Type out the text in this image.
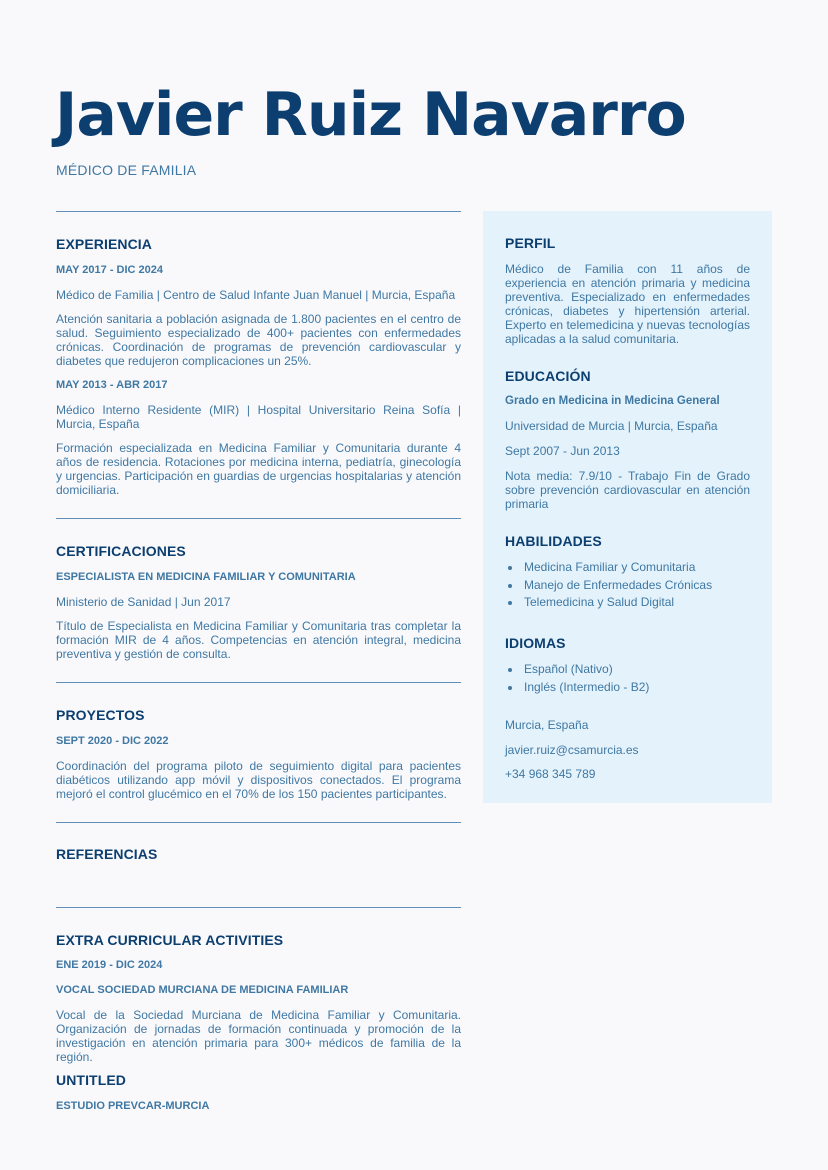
Javier Ruiz Navarro
MÉDICO DE FAMILIA
EXPERIENCIA
MAY 2017 - DIC 2024
Médico de Familia | Centro de Salud Infante Juan Manuel | Murcia, España
Atención sanitaria a población asignada de 1.800 pacientes en el centro de salud. Seguimiento especializado de 400+ pacientes con enfermedades crónicas. Coordinación de programas de prevención cardiovascular y diabetes que redujeron complicaciones un 25%.
MAY 2013 - ABR 2017
Médico Interno Residente (MIR) | Hospital Universitario Reina Sofía | Murcia, España
Formación especializada en Medicina Familiar y Comunitaria durante 4 años de residencia. Rotaciones por medicina interna, pediatría, ginecología y urgencias. Participación en guardias de urgencias hospitalarias y atención domiciliaria.
CERTIFICACIONES
ESPECIALISTA EN MEDICINA FAMILIAR Y COMUNITARIA
Ministerio de Sanidad | Jun 2017
Título de Especialista en Medicina Familiar y Comunitaria tras completar la formación MIR de 4 años. Competencias en atención integral, medicina preventiva y gestión de consulta.
PROYECTOS
SEPT 2020 - DIC 2022
Coordinación del programa piloto de seguimiento digital para pacientes diabéticos utilizando app móvil y dispositivos conectados. El programa mejoró el control glucémico en el 70% de los 150 pacientes participantes.
REFERENCIAS
EXTRA CURRICULAR ACTIVITIES
ENE 2019 - DIC 2024
VOCAL SOCIEDAD MURCIANA DE MEDICINA FAMILIAR
Vocal de la Sociedad Murciana de Medicina Familiar y Comunitaria. Organización de jornadas de formación continuada y promoción de la investigación en atención primaria para 300+ médicos de familia de la región.
UNTITLED
ESTUDIO PREVCAR-MURCIA
PERFIL
Médico de Familia con 11 años de experiencia en atención primaria y medicina preventiva. Especializado en enfermedades crónicas, diabetes y hipertensión arterial. Experto en telemedicina y nuevas tecnologías aplicadas a la salud comunitaria.
EDUCACIÓN
Grado en Medicina in Medicina General
Universidad de Murcia | Murcia, España
Sept 2007 - Jun 2013
Nota media: 7.9/10 - Trabajo Fin de Grado sobre prevención cardiovascular en atención primaria
HABILIDADES
Medicina Familiar y Comunitaria
Manejo de Enfermedades Crónicas
Telemedicina y Salud Digital
IDIOMAS
Español (Nativo)
Inglés (Intermedio - B2)
Murcia, España
javier.ruiz@csamurcia.es
+34 968 345 789
